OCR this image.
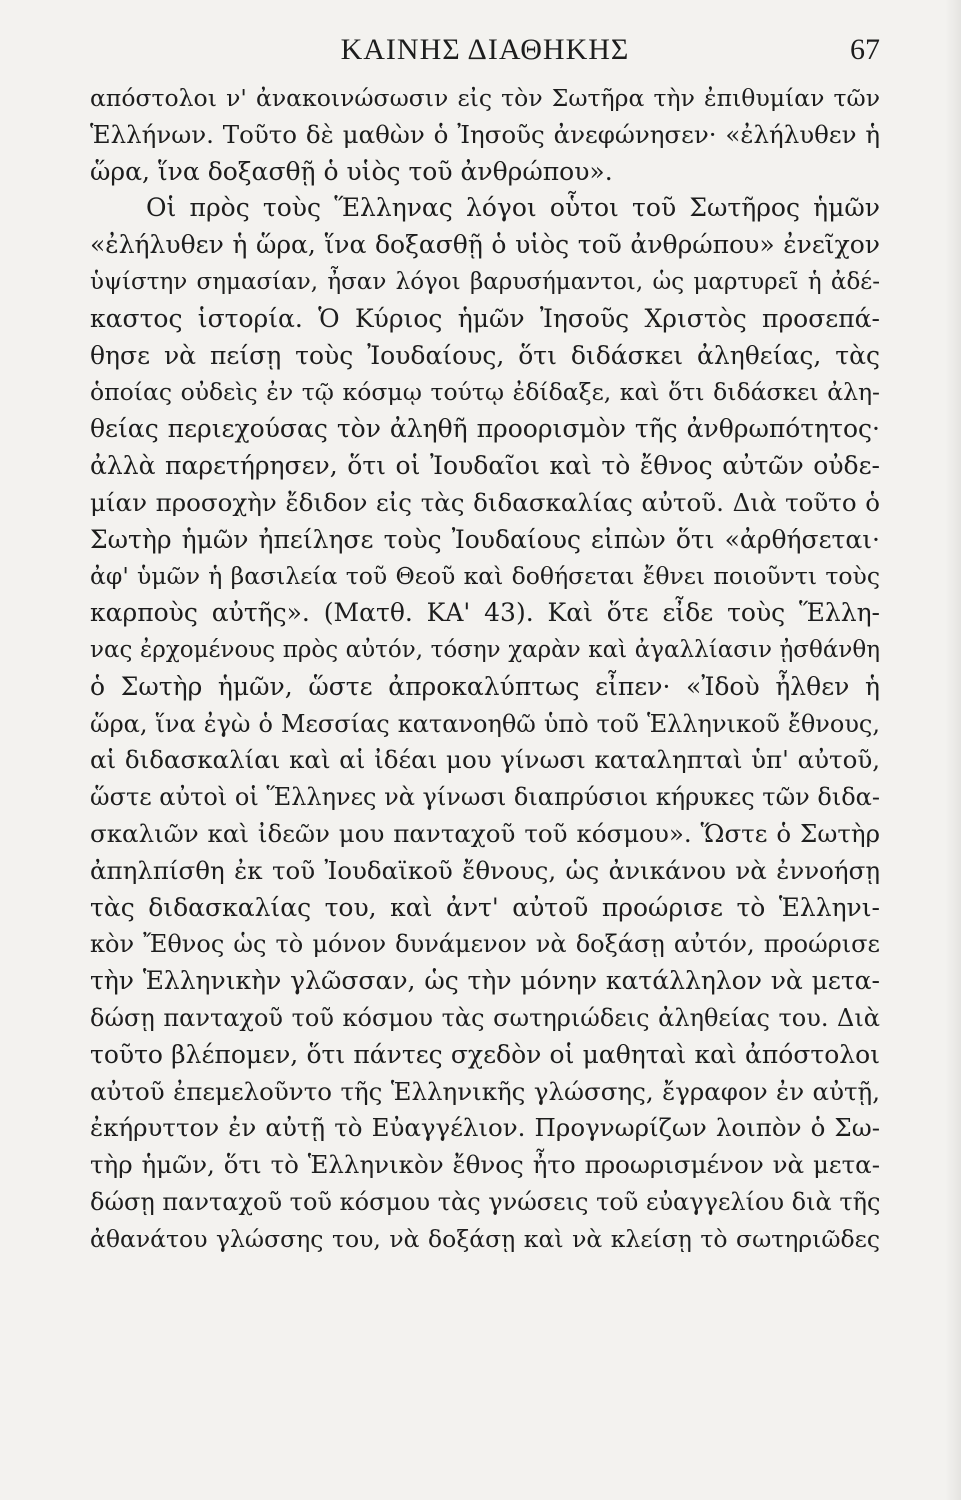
ΚΑΙΝΗΣ ΔΙΑΘΗΚΗΣ	67
απόστολοι ν' ἀνακοινώσωσιν εἰς τὸν Σωτῆρα τὴν ἐπιθυμίαν τῶν
Ἑλλήνων. Τοῦτο δὲ μαθὼν ὁ Ἰησοῦς ἀνεφώνησεν· «ἐλήλυθεν ἡ
ὥρα, ἵνα δοξασθῇ ὁ υἱὸς τοῦ ἀνθρώπου».
Οἱ πρὸς τοὺς Ἕλληνας λόγοι οὗτοι τοῦ Σωτῆρος ἡμῶν
«ἐλήλυθεν ἡ ὥρα, ἵνα δοξασθῇ ὁ υἱὸς τοῦ ἀνθρώπου» ἐνεῖχον
ὑψίστην σημασίαν, ἦσαν λόγοι βαρυσήμαντοι, ὡς μαρτυρεῖ ἡ ἀδέ-
καστος ἱστορία. Ὁ Κύριος ἡμῶν Ἰησοῦς Χριστὸς προσεπά-
θησε νὰ πείσῃ τοὺς Ἰουδαίους, ὅτι διδάσκει ἀληθείας, τὰς
ὁποίας οὐδεὶς ἐν τῷ κόσμῳ τούτῳ ἐδίδαξε, καὶ ὅτι διδάσκει ἀλη-
θείας περιεχούσας τὸν ἀληθῆ προορισμὸν τῆς ἀνθρωπότητος·
ἀλλὰ παρετήρησεν, ὅτι οἱ Ἰουδαῖοι καὶ τὸ ἔθνος αὐτῶν οὐδε-
μίαν προσοχὴν ἔδιδον εἰς τὰς διδασκαλίας αὐτοῦ. Διὰ τοῦτο ὁ
Σωτὴρ ἡμῶν ἠπείλησε τοὺς Ἰουδαίους εἰπὼν ὅτι «ἀρθήσεται·
ἀφ' ὑμῶν ἡ βασιλεία τοῦ Θεοῦ καὶ δοθήσεται ἔθνει ποιοῦντι τοὺς
καρποὺς αὐτῆς». (Ματθ. ΚΑ' 43). Καὶ ὅτε εἶδε τοὺς Ἕλλη-
νας ἐρχομένους πρὸς αὐτόν, τόσην χαρὰν καὶ ἀγαλλίασιν ᾐσθάνθη
ὁ Σωτὴρ ἡμῶν, ὥστε ἀπροκαλύπτως εἶπεν· «Ἰδοὺ ἦλθεν ἡ
ὥρα, ἵνα ἐγὼ ὁ Μεσσίας κατανοηθῶ ὑπὸ τοῦ Ἑλληνικοῦ ἔθνους,
αἱ διδασκαλίαι καὶ αἱ ἰδέαι μου γίνωσι καταληπταὶ ὑπ' αὐτοῦ,
ὥστε αὐτοὶ οἱ Ἕλληνες νὰ γίνωσι διαπρύσιοι κήρυκες τῶν διδα-
σκαλιῶν καὶ ἰδεῶν μου πανταχοῦ τοῦ κόσμου». Ὥστε ὁ Σωτὴρ
ἀπηλπίσθη ἐκ τοῦ Ἰουδαϊκοῦ ἔθνους, ὡς ἀνικάνου νὰ ἐννοήσῃ
τὰς διδασκαλίας του, καὶ ἀντ' αὐτοῦ προώρισε τὸ Ἑλληνι-
κὸν Ἔθνος ὡς τὸ μόνον δυνάμενον νὰ δοξάσῃ αὐτόν, προώρισε
τὴν Ἑλληνικὴν γλῶσσαν, ὡς τὴν μόνην κατάλληλον νὰ μετα-
δώσῃ πανταχοῦ τοῦ κόσμου τὰς σωτηριώδεις ἀληθείας του. Διὰ
τοῦτο βλέπομεν, ὅτι πάντες σχεδὸν οἱ μαθηταὶ καὶ ἀπόστολοι
αὐτοῦ ἐπεμελοῦντο τῆς Ἑλληνικῆς γλώσσης, ἔγραφον ἐν αὐτῇ,
ἐκήρυττον ἐν αὐτῇ τὸ Εὐαγγέλιον. Προγνωρίζων λοιπὸν ὁ Σω-
τὴρ ἡμῶν, ὅτι τὸ Ἑλληνικὸν ἔθνος ἦτο προωρισμένον νὰ μετα-
δώσῃ πανταχοῦ τοῦ κόσμου τὰς γνώσεις τοῦ εὐαγγελίου διὰ τῆς
ἀθανάτου γλώσσης του, νὰ δοξάσῃ καὶ νὰ κλείσῃ τὸ σωτηριῶδες
